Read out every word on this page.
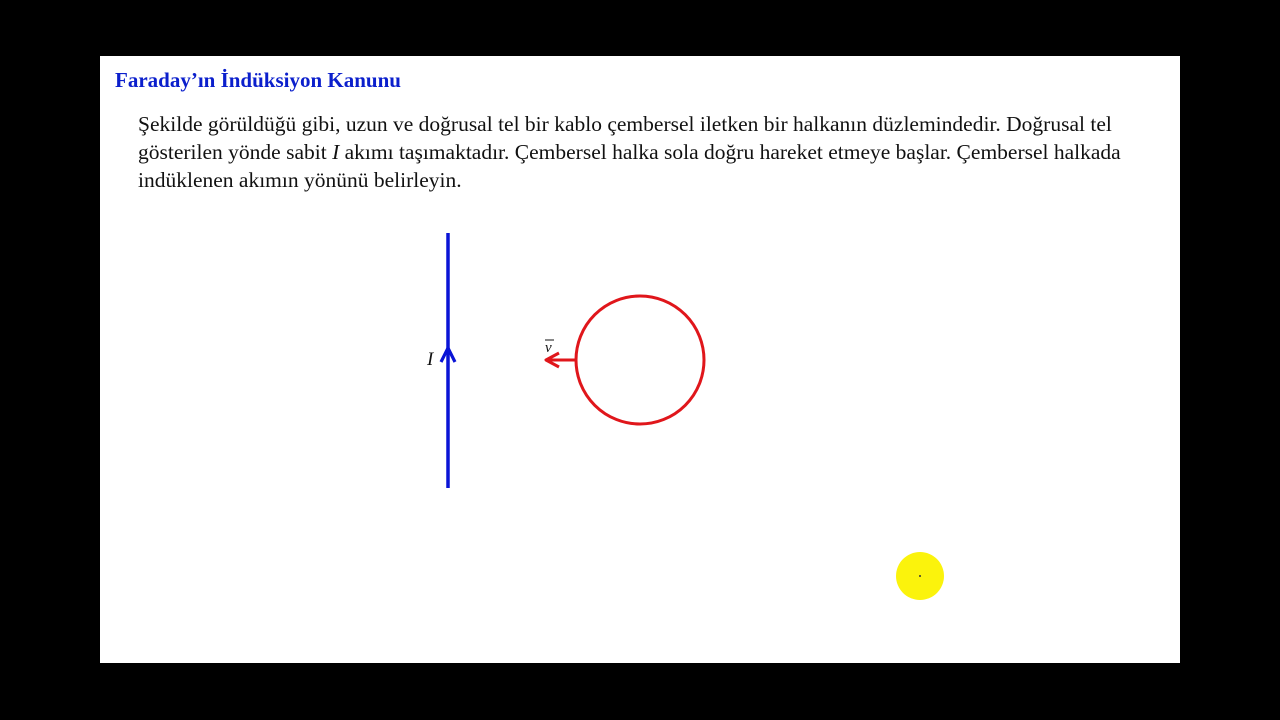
Faraday’ın İndüksiyon Kanunu

Şekilde görüldüğü gibi, uzun ve doğrusal tel bir kablo çembersel iletken bir halkanın düzlemindedir. Doğrusal tel gösterilen yönde sabit I akımı taşımaktadır. Çembersel halka sola doğru hareket etmeye başlar. Çembersel halkada indüklenen akımın yönünü belirleyin.

I
v
